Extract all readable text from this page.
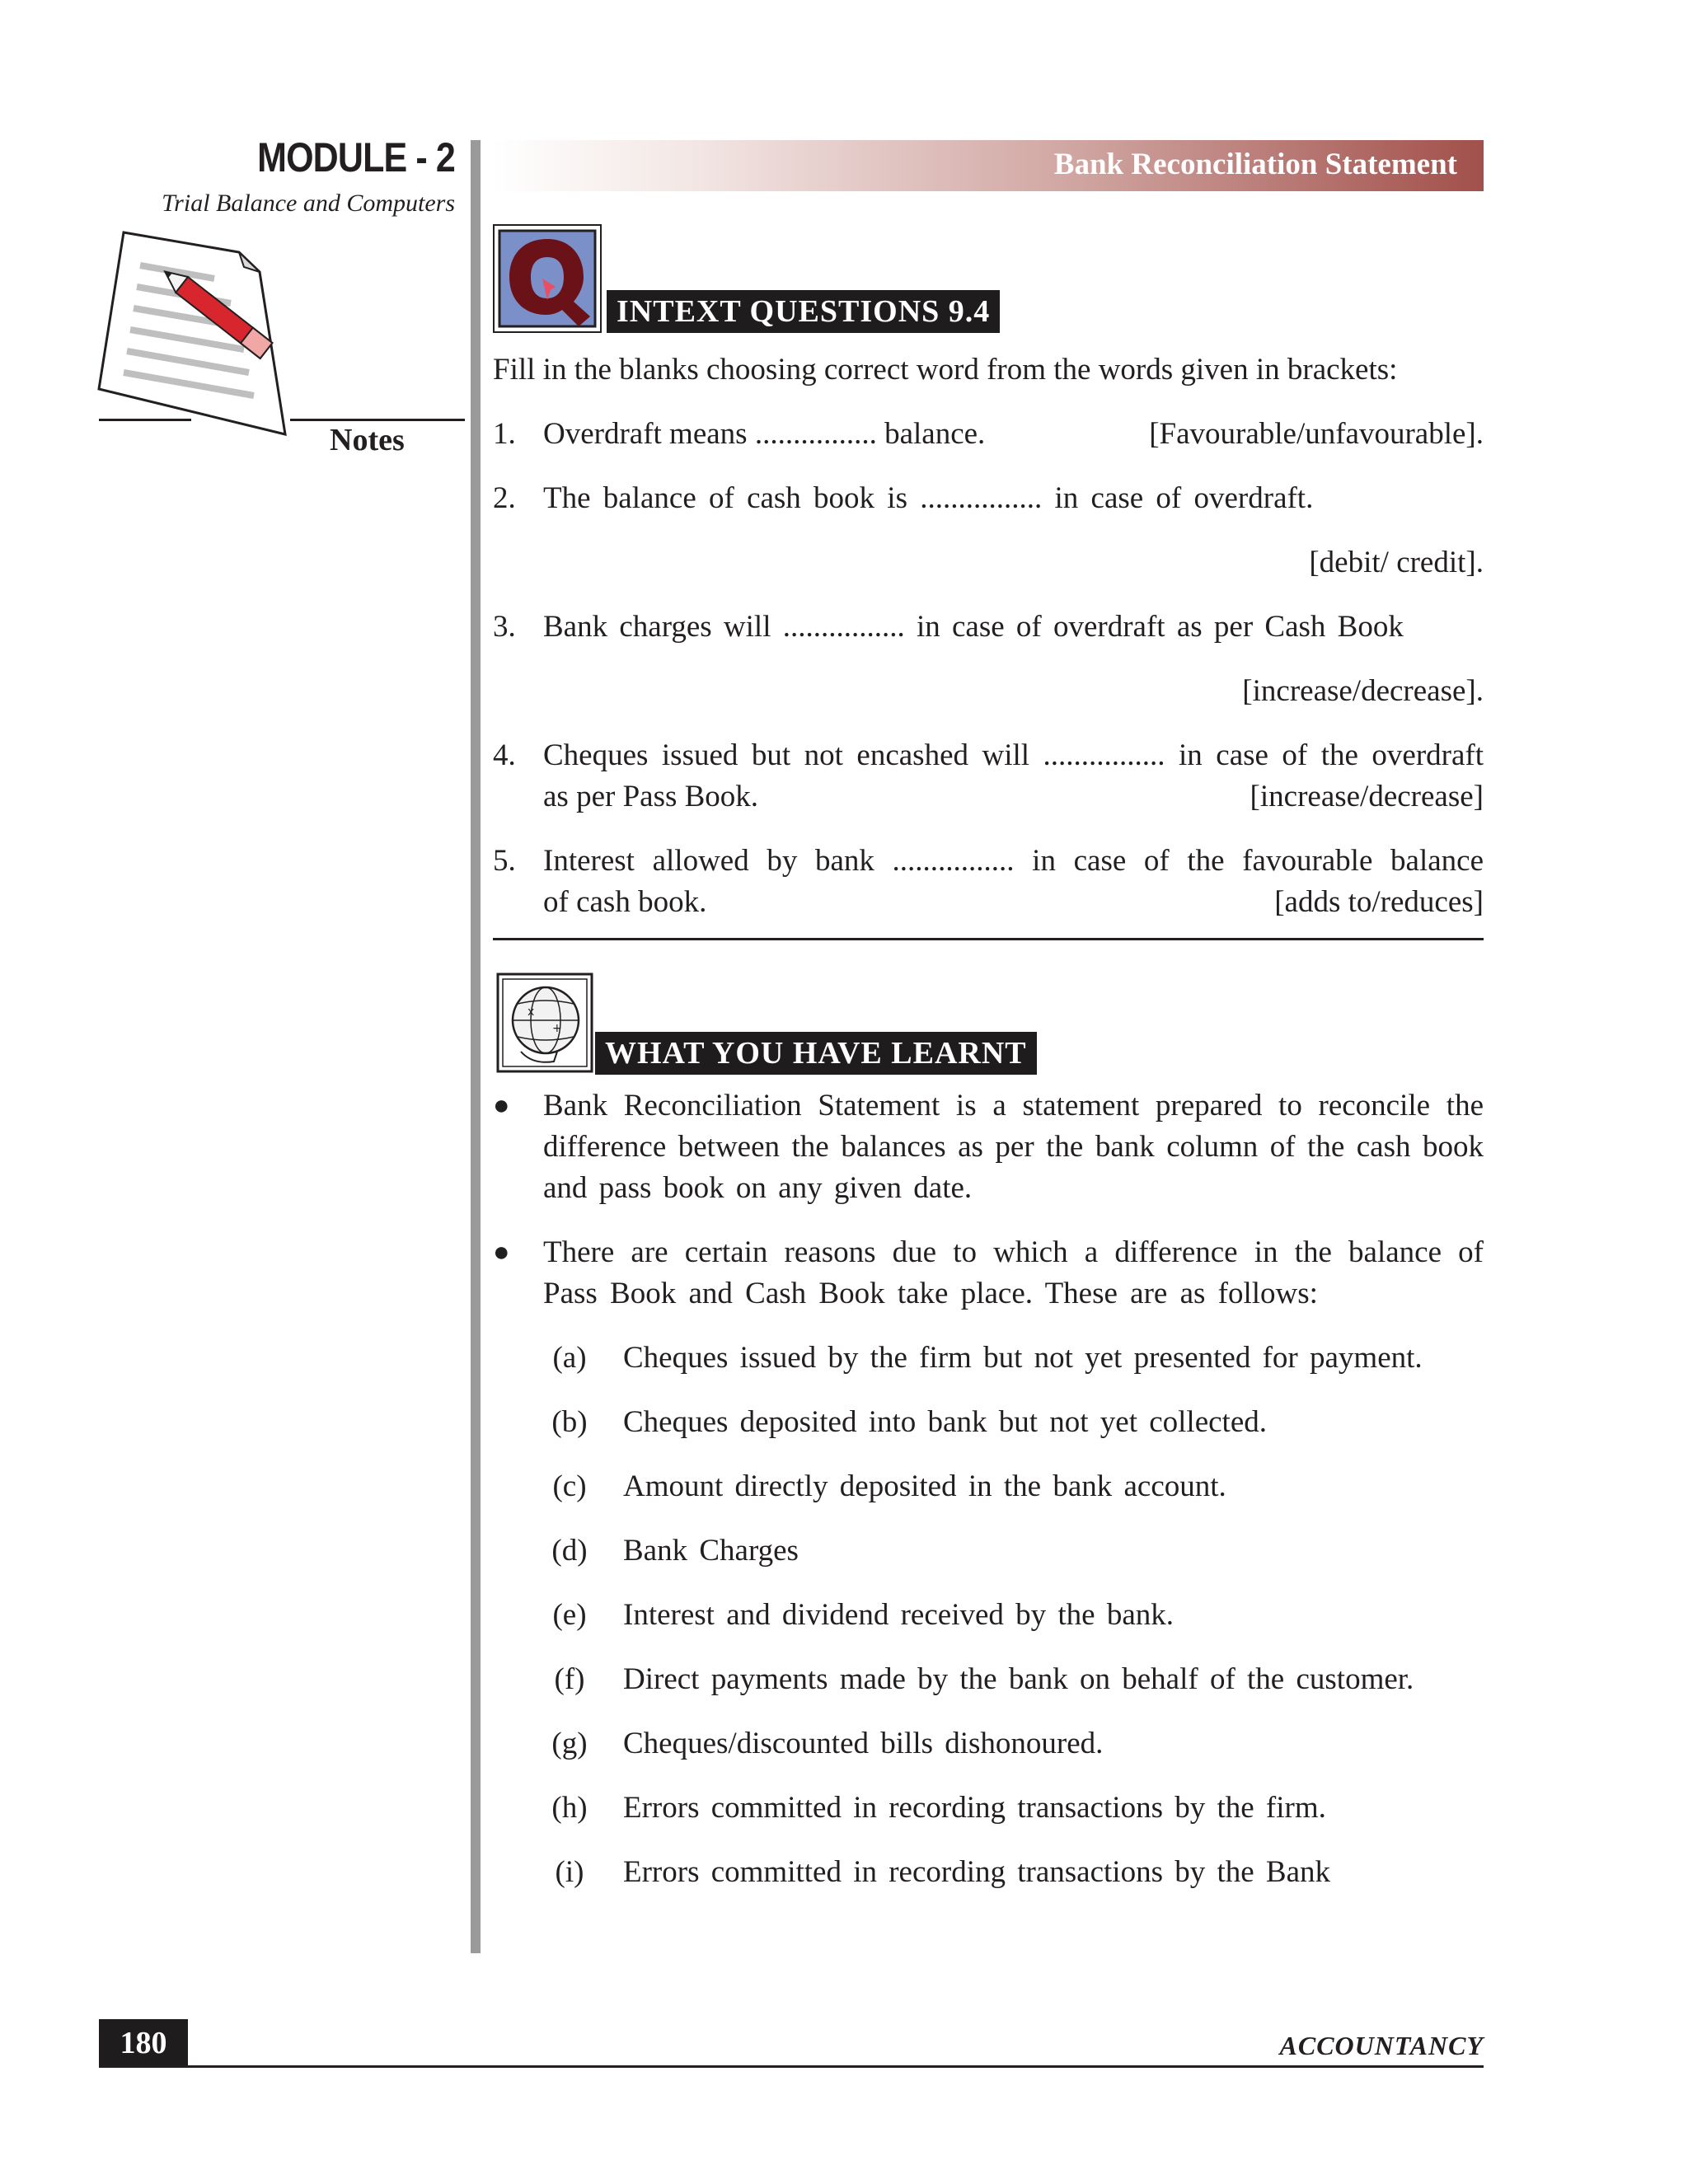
MODULE - 2
Trial Balance and Computers
Notes
Bank Reconciliation Statement
INTEXT QUESTIONS 9.4
Fill in the blanks choosing correct word from the words given in brackets:
1. Overdraft means ................ balance.	[Favourable/unfavourable].
2. The balance of cash book is ................ in case of overdraft.
[debit/ credit].
3. Bank charges will ................ in case of overdraft as per Cash Book
[increase/decrease].
4. Cheques issued but not encashed will ................ in case of the overdraft
as per Pass Book.	[increase/decrease]
5. Interest allowed by bank ................ in case of the favourable balance
of cash book.	[adds to/reduces]
x
+
WHAT YOU HAVE LEARNT
● Bank Reconciliation Statement is a statement prepared to reconcile the
difference between the balances as per the bank column of the cash book
and pass book on any given date.
● There are certain reasons due to which a difference in the balance of
Pass Book and Cash Book take place. These are as follows:
(a) Cheques issued by the firm but not yet presented for payment.
(b) Cheques deposited into bank but not yet collected.
(c) Amount directly deposited in the bank account.
(d) Bank Charges
(e) Interest and dividend received by the bank.
(f)	Direct payments made by the bank on behalf of the customer.
(g) Cheques/discounted bills dishonoured.
(h) Errors committed in recording transactions by the firm.
(i)	Errors committed in recording transactions by the Bank
180	ACCOUNTANCY
